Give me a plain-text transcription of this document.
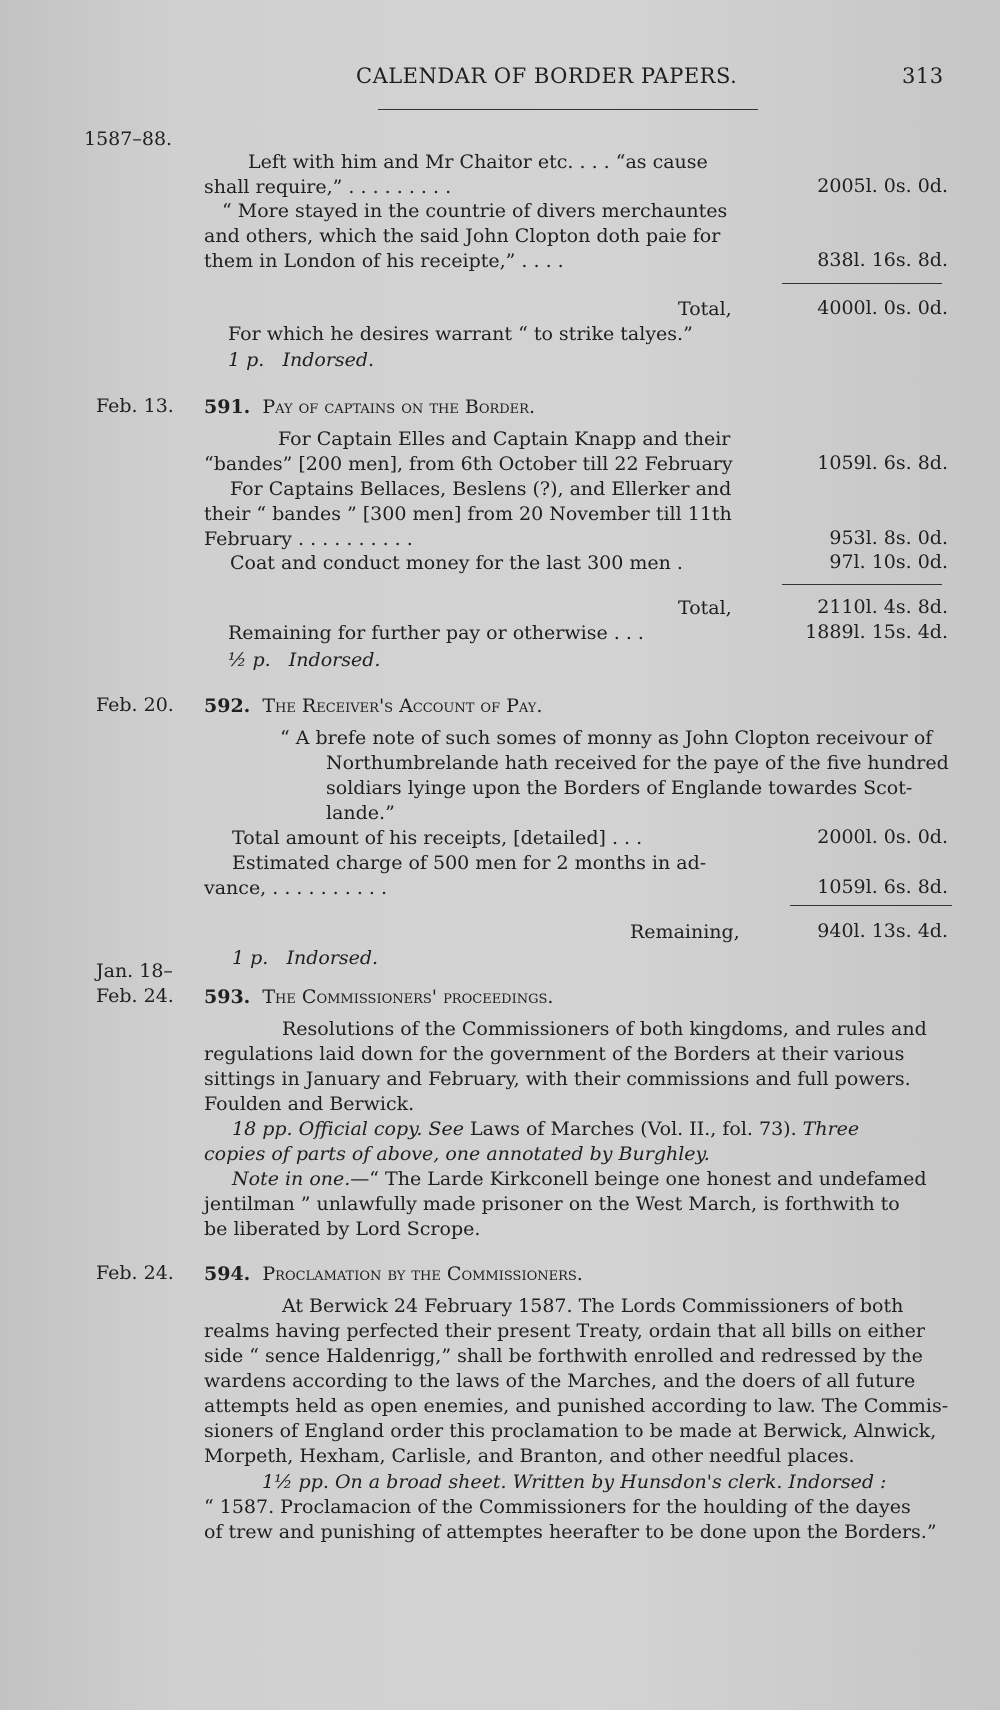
CALENDAR OF BORDER PAPERS.	313
1587–88.
Left with him and Mr Chaitor etc. . . . “as cause
shall require,” . . . . . . . . .	2005l. 0s. 0d.
“ More stayed in the countrie of divers merchauntes
and others, which the said John Clopton doth paie for
them in London of his receipte,” . . . .	838l. 16s. 8d.
Total,	4000l. 0s. 0d.
For which he desires warrant “ to strike talyes.”
1 p. Indorsed.
Feb. 13. 591. Pay of captains on the Border.
For Captain Elles and Captain Knapp and their
“bandes” [200 men], from 6th October till 22 February	1059l. 6s. 8d.
For Captains Bellaces, Beslens (?), and Ellerker and
their “ bandes ” [300 men] from 20 November till 11th
February . . . . . . . . . .	953l. 8s. 0d.
Coat and conduct money for the last 300 men .	97l. 10s. 0d.
Total,	2110l. 4s. 8d.
Remaining for further pay or otherwise . . .	1889l. 15s. 4d.
½ p. Indorsed.
Feb. 20. 592. The Receiver's Account of Pay.
“ A brefe note of such somes of monny as John Clopton receivour of
Northumbrelande hath received for the paye of the five hundred
soldiars lyinge upon the Borders of Englande towardes Scot-
lande.”
Total amount of his receipts, [detailed] . . .	2000l. 0s. 0d.
Estimated charge of 500 men for 2 months in ad-
vance, . . . . . . . . . .	1059l. 6s. 8d.
Remaining,	940l. 13s. 4d.
1 p. Indorsed.
Jan. 18–
Feb. 24. 593. The Commissioners' proceedings.
Resolutions of the Commissioners of both kingdoms, and rules and
regulations laid down for the government of the Borders at their various
sittings in January and February, with their commissions and full powers.
Foulden and Berwick.
18 pp. Official copy. See Laws of Marches (Vol. II., fol. 73). Three
copies of parts of above, one annotated by Burghley.
Note in one.—“ The Larde Kirkconell beinge one honest and undefamed
jentilman ” unlawfully made prisoner on the West March, is forthwith to
be liberated by Lord Scrope.
Feb. 24. 594. Proclamation by the Commissioners.
At Berwick 24 February 1587. The Lords Commissioners of both
realms having perfected their present Treaty, ordain that all bills on either
side “ sence Haldenrigg,” shall be forthwith enrolled and redressed by the
wardens according to the laws of the Marches, and the doers of all future
attempts held as open enemies, and punished according to law. The Commis-
sioners of England order this proclamation to be made at Berwick, Alnwick,
Morpeth, Hexham, Carlisle, and Branton, and other needful places.
1½ pp. On a broad sheet. Written by Hunsdon's clerk. Indorsed :
“ 1587. Proclamacion of the Commissioners for the houlding of the dayes
of trew and punishing of attemptes heerafter to be done upon the Borders.”
